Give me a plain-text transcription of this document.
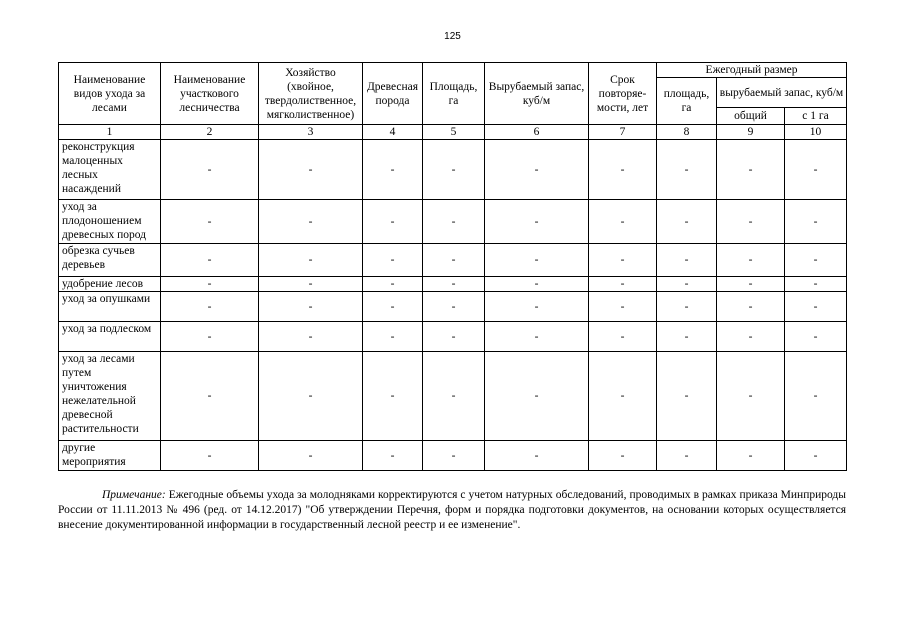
125
Наименование видов ухода за лесами	Наименование участкового лесничества	Хозяйство (хвойное, твердолиственное, мягколиственное)	Древесная порода	Площадь, га	Вырубаемый запас, куб/м	Срок повторяе-мости, лет	Ежегодный размер		
							площадь, га	вырубаемый запас, куб/м	
								общий	с 1 га
1	2	3	4	5	6	7	8	9	10
реконструкция малоценных лесных насаждений	-	-	-	-	-	-	-	-	-
уход за плодоношением древесных пород	-	-	-	-	-	-	-	-	-
обрезка сучьев деревьев	-	-	-	-	-	-	-	-	-
удобрение лесов	-	-	-	-	-	-	-	-	-
уход за опушками	-	-	-	-	-	-	-	-	-
уход за подлеском	-	-	-	-	-	-	-	-	-
уход за лесами путем уничтожения нежелательной древесной растительности	-	-	-	-	-	-	-	-	-
другие мероприятия	-	-	-	-	-	-	-	-	-
Примечание: Ежегодные объемы ухода за молодняками корректируются с учетом натурных обследований, проводимых в рамках приказа Минприроды России от 11.11.2013 № 496 (ред. от 14.12.2017) "Об утверждении Перечня, форм и порядка подготовки документов, на основании которых осуществляется внесение документированной информации в государственный лесной реестр и ее изменение".
